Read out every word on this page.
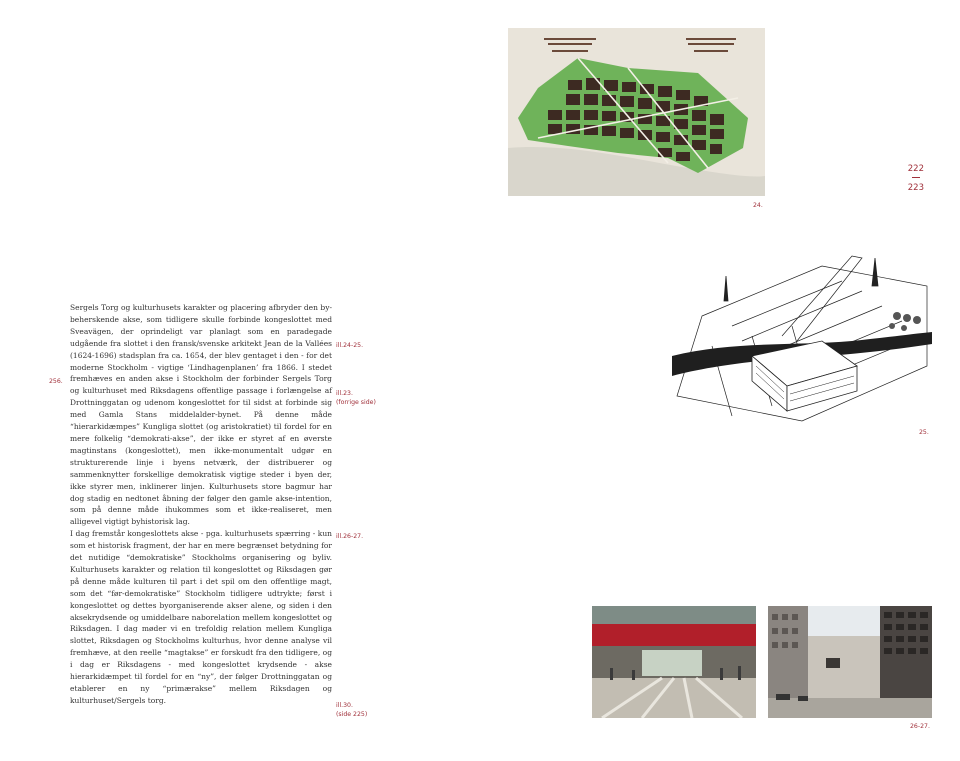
Sergels Torg og kulturhusets karakter og placering afbryder den by-beherskende akse, som tidligere skulle forbinde kongeslottet med Sveavägen, der oprindeligt var planlagt som en paradegade udgående fra slottet i den fransk/svenske arkitekt Jean de la Vallées (1624-1696) stadsplan fra ca. 1654, der blev gentaget i den - for det moderne Stockholm - vigtige ‘Lindhagenplanen’ fra 1866. I stedet fremhæves en anden akse i Stockholm der forbinder Sergels Torg og kulturhuset med Riksdagens offentlige passage i forlængelse af Drottninggatan og udenom kongeslottet for til sidst at forbinde sig med Gamla Stans middelalder-bynet. På denne måde “hierarkidæmpes” Kungliga slottet (og aristokratiet) til fordel for en mere folkelig “demokrati-akse”, der ikke er styret af en øverste magtinstans (kongeslottet), men ikke-monumentalt udgør en strukturerende linje i byens netværk, der distribuerer og sammenknytter forskellige demokratisk vigtige steder i byen der, ikke styrer men, inklinerer linjen. Kulturhusets store bagmur har dog stadig en nedtonet åbning der følger den gamle akse-intention, som på denne måde ihukommes som et ikke-realiseret, men alligevel vigtigt byhistorisk lag.

I dag fremstår kongeslottets akse - pga. kulturhusets spærring - kun som et historisk fragment, der har en mere begrænset betydning for det nutidige “demokratiske” Stockholms organisering og byliv. Kulturhusets karakter og relation til kongeslottet og Riksdagen gør på denne måde kulturen til part i det spil om den offentlige magt, som det “før-demokratiske” Stockholm tidligere udtrykte; først i kongeslottet og dettes byorganiserende akser alene, og siden i den aksekrydsende og umiddelbare naborelation mellem kongeslottet og Riksdagen. I dag møder vi en trefoldig relation mellem Kungliga slottet, Riksdagen og Stockholms kulturhus, hvor denne analyse vil fremhæve, at den reelle “magtakse” er forskudt fra den tidligere, og i dag er Riksdagens - med kongeslottet krydsende - akse hierarkidæmpet til fordel for en “ny”, der følger Drottninggatan og etablerer en ny “primærakse” mellem Riksdagen og kulturhuset/Sergels torg.

256.
ill.24-25.
ill.23.
(forrige side)
ill.26-27.
ill.30.
(side 225)
222
223
24.
25.
26-27.
